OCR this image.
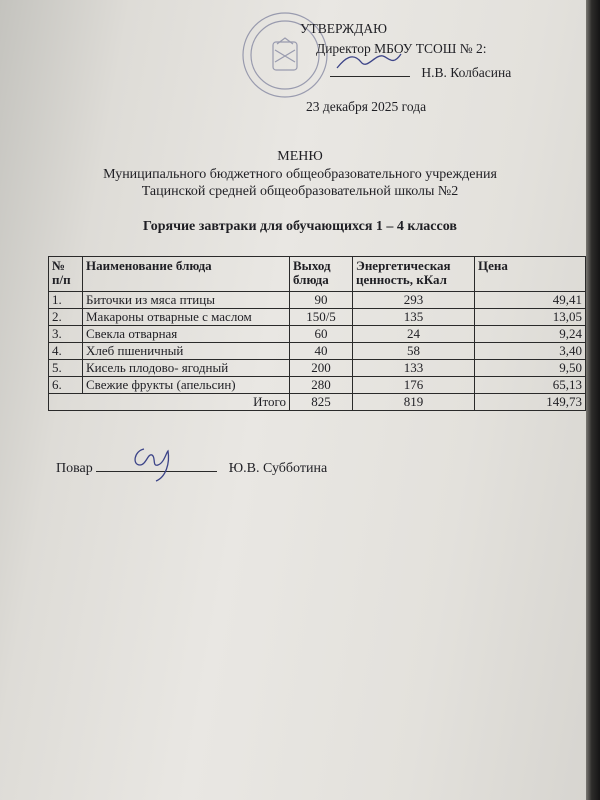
УТВЕРЖДАЮ
Директор МБОУ ТСОШ № 2:
Н.В. Колбасина
23 декабря 2025 года
МЕНЮ
Муниципального бюджетного общеобразовательного учреждения
Тацинской средней общеобразовательной школы №2
Горячие завтраки для обучающихся 1 – 4 классов
№ п/п	Наименование блюда	Выход блюда	Энергетическая ценность, кКал	Цена
1.	Биточки из мяса птицы	90	293	49,41
2.	Макароны отварные с маслом	150/5	135	13,05
3.	Свекла отварная	60	24	9,24
4.	Хлеб пшеничный	40	58	3,40
5.	Кисель плодово- ягодный	200	133	9,50
6.	Свежие фрукты (апельсин)	280	176	65,13
Итого		825	819	149,73
Повар	Ю.В. Субботина
